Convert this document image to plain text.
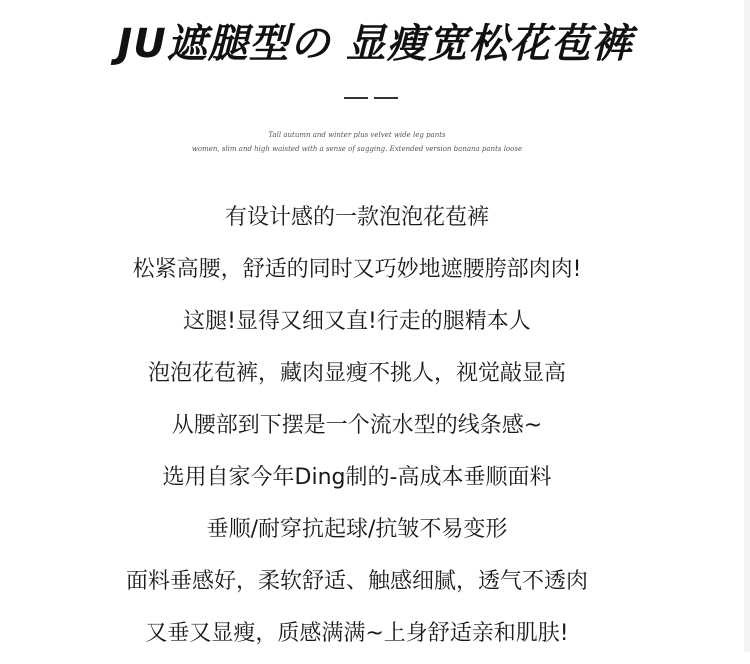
JU遮腿型の 显瘦宽松花苞裤
Tall autumn and winter plus velvet wide leg pants
women, slim and high waisted with a sense of sagging. Extended version banana pants loose
有设计感的一款泡泡花苞裤
松紧高腰，舒适的同时又巧妙地遮腰胯部肉肉!
这腿!显得又细又直!行走的腿精本人
泡泡花苞裤，藏肉显瘦不挑人，视觉敲显高
从腰部到下摆是一个流水型的线条感~
选用自家今年Ding制的-高成本垂顺面料
垂顺/耐穿抗起球/抗皱不易变形
面料垂感好，柔软舒适、触感细腻，透气不透肉
又垂又显瘦，质感满满~上身舒适亲和肌肤!
